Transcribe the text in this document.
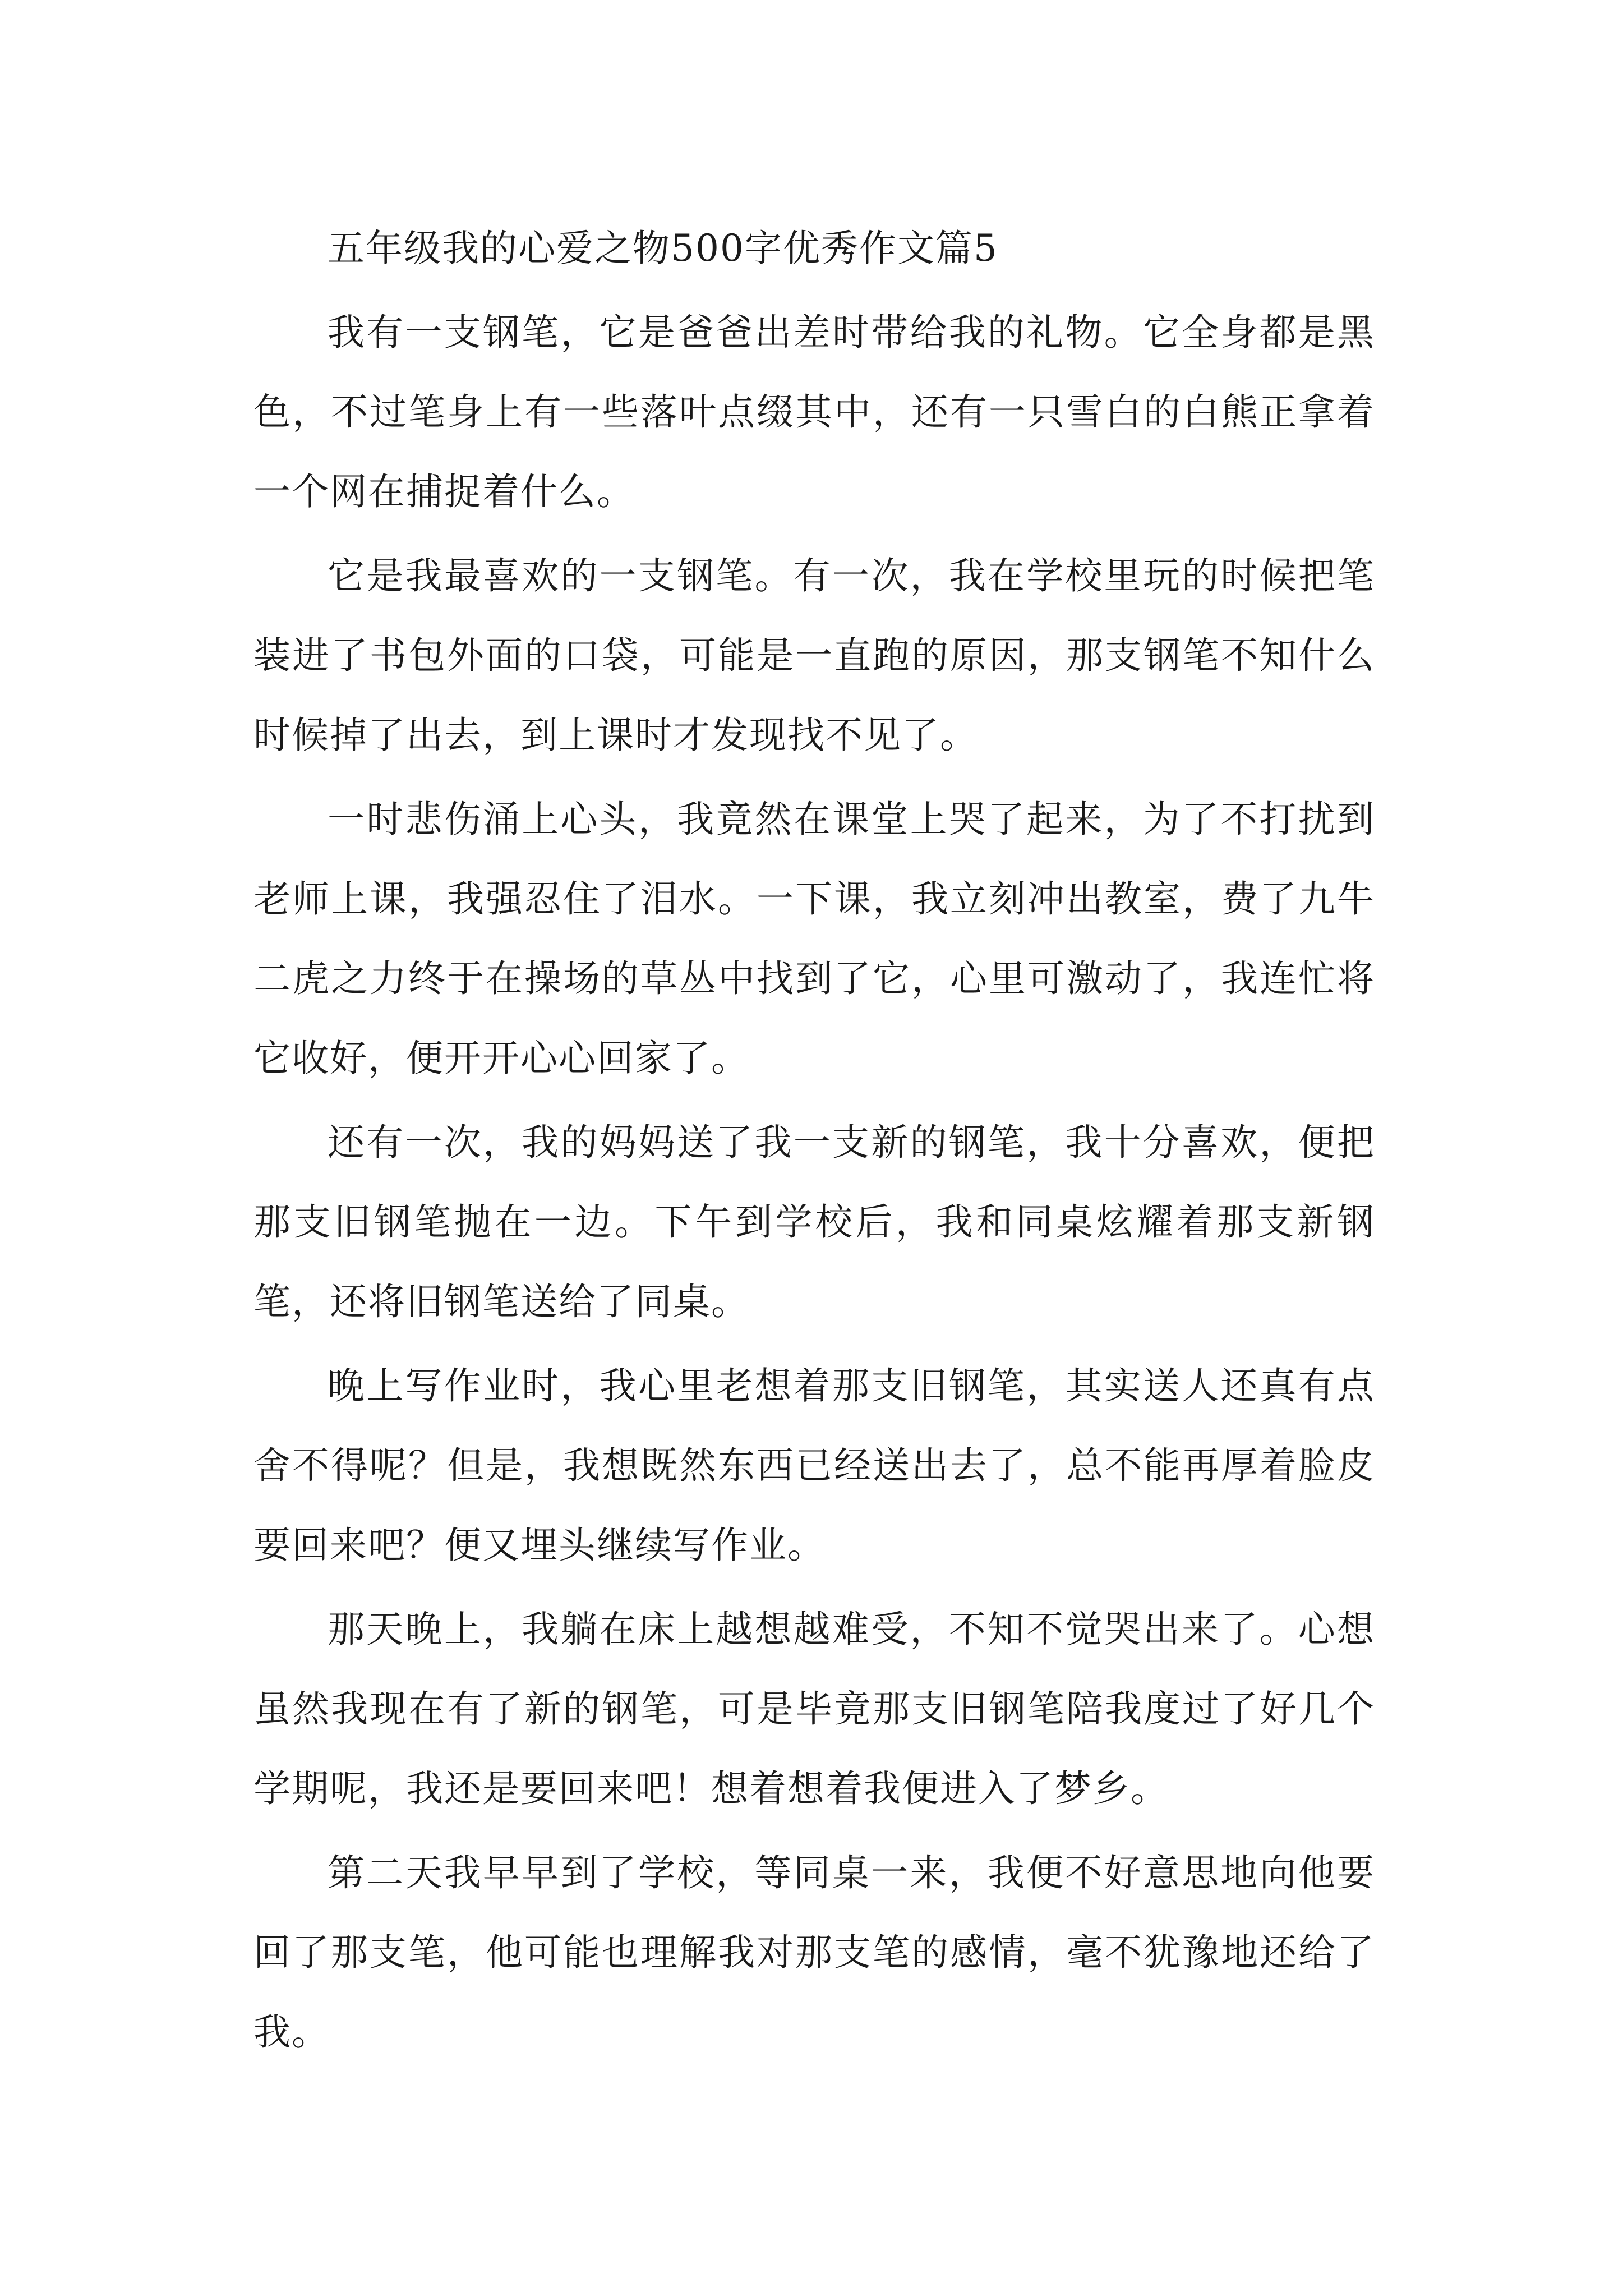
五年级我的心爱之物500字优秀作文篇5

我有一支钢笔，它是爸爸出差时带给我的礼物。它全身都是黑色，不过笔身上有一些落叶点缀其中，还有一只雪白的白熊正拿着一个网在捕捉着什么。

它是我最喜欢的一支钢笔。有一次，我在学校里玩的时候把笔装进了书包外面的口袋，可能是一直跑的原因，那支钢笔不知什么时候掉了出去，到上课时才发现找不见了。

一时悲伤涌上心头，我竟然在课堂上哭了起来，为了不打扰到老师上课，我强忍住了泪水。一下课，我立刻冲出教室，费了九牛二虎之力终于在操场的草丛中找到了它，心里可激动了，我连忙将它收好，便开开心心回家了。

还有一次，我的妈妈送了我一支新的钢笔，我十分喜欢，便把那支旧钢笔抛在一边。下午到学校后，我和同桌炫耀着那支新钢笔，还将旧钢笔送给了同桌。

晚上写作业时，我心里老想着那支旧钢笔，其实送人还真有点舍不得呢？但是，我想既然东西已经送出去了，总不能再厚着脸皮要回来吧？便又埋头继续写作业。

那天晚上，我躺在床上越想越难受，不知不觉哭出来了。心想虽然我现在有了新的钢笔，可是毕竟那支旧钢笔陪我度过了好几个学期呢，我还是要回来吧！想着想着我便进入了梦乡。

第二天我早早到了学校，等同桌一来，我便不好意思地向他要回了那支笔，他可能也理解我对那支笔的感情，毫不犹豫地还给了我。
